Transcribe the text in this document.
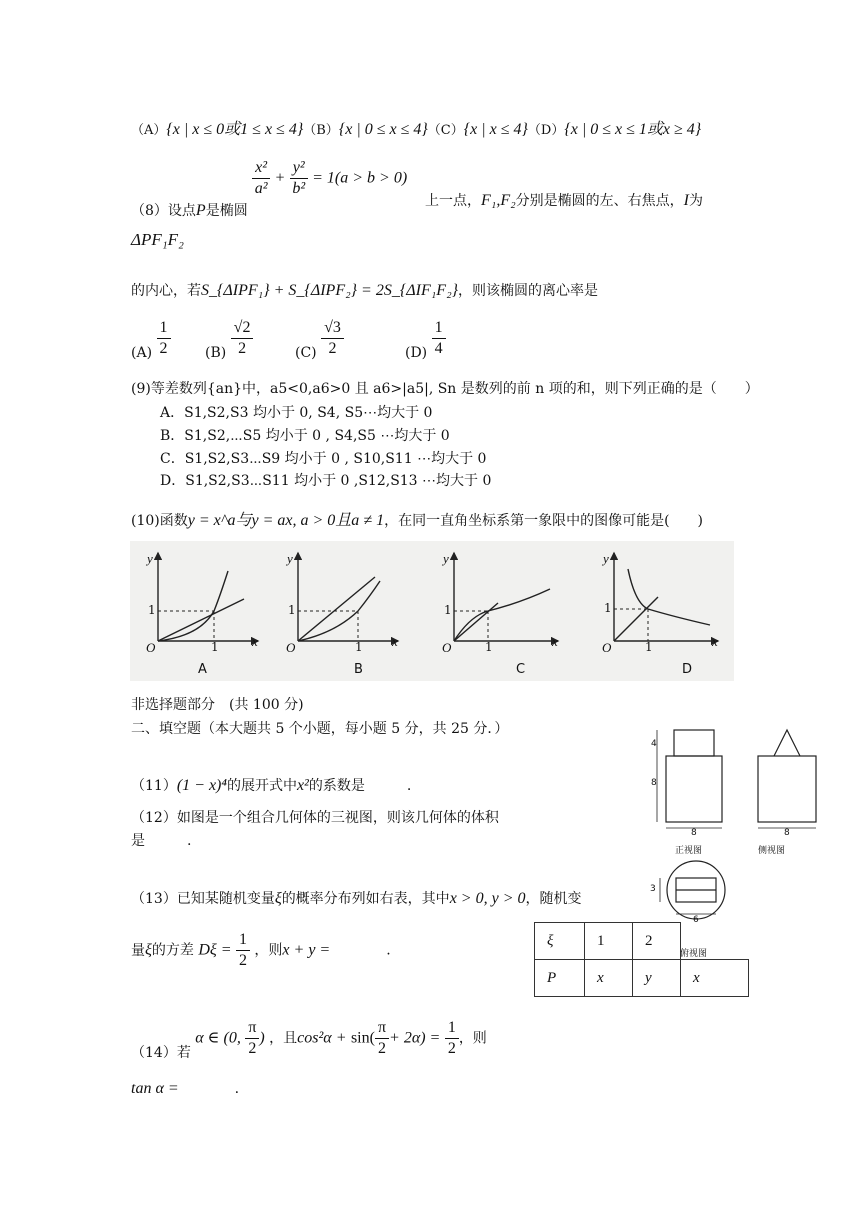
（A）{x | x ≤ 0或1 ≤ x ≤ 4}（B）{x | 0 ≤ x ≤ 4}（C）{x | x ≤ 4}（D）{x | 0 ≤ x ≤ 1或x ≥ 4}
（8）设点P是椭圆
$\frac{\text{x²}}{\text{a²}} + \frac{\text{y²}}{\text{b²}} = 1(a > b > 0)$
上一点，F₁,F₂分别是椭圆的左、右焦点，I为
ΔPF₁F₂
的内心，若S_{ΔIPF₁} + S_{ΔIPF₂} = 2S_{ΔIF₁F₂}，则该椭圆的离心率是
$(A) \frac{1}{2} (B) \frac{√2}{2}$	$(C) \frac{√3}{2}$	$(D) \frac{1}{4}$
(9)等差数列{an}中，a5<0,a6>0 且 a6>|a5|, Sn 是数列的前 n 项的和，则下列正确的是（　　）
A．S1,S2,S3 均小于 0, S4, S5⋯均大于 0
B．S1,S2,⋯S5 均小于 0 , S4,S5 ⋯均大于 0
C．S1,S2,S3⋯S9 均小于 0 , S10,S11 ⋯均大于 0
D．S1,S2,S3⋯S11 均小于 0 ,S12,S13 ⋯均大于 0
(10)函数y = x^a与y = ax, a > 0且a ≠ 1，在同一直角坐标系第一象限中的图像可能是(　　)
y
x
O
1
1
A
y
x
O
1
1
B
y
x
O
1
1
C
y
x
O
1
1
D
非选择题部分　(共 100 分)
二、填空题（本大题共 5 个小题，每小题 5 分，共 25 分．）
（11）(1 − x)⁴的展开式中x²的系数是　　　.
（12）如图是一个组合几何体的三视图，则该几何体的体积
是　　　.
4
8
8	8
正视图	侧视图
3
6
俯视图
（13）已知某随机变量ξ的概率分布列如右表，其中x > 0, y > 0，随机变
量ξ的方差 $D\xi = \frac{1}{2}$ ，则x + y =　　　　.
ξ	1	2	
P	x	y	x
（14）若 α ∈ (0, $\frac{\pi}{2}$ ) ，且$\cos^2\alpha + \sin( \frac{\pi}{2} + 2\alpha) = \frac{1}{2}$ ，则
tan α =　　　　.
